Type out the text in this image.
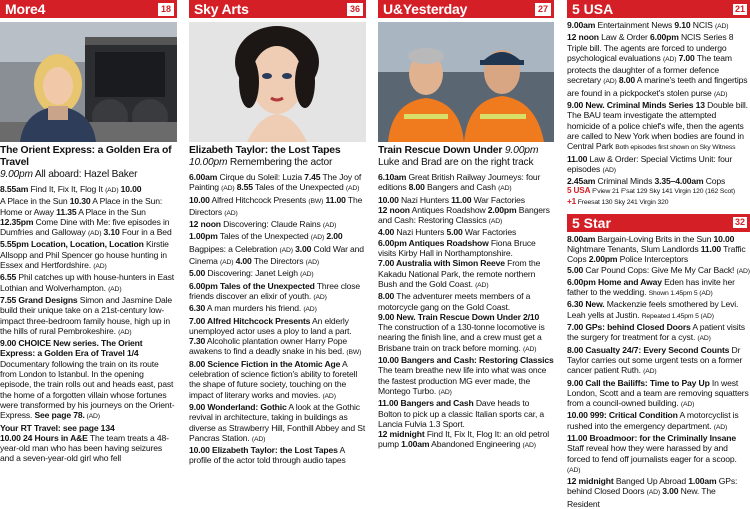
More4	18
The Orient Express: a Golden Era of Travel
9.00pm All aboard: Hazel Baker

8.55am Find It, Fix It, Flog It (AD) 10.00

A Place in the Sun 10.30 A Place in the Sun: Home or Away 11.35 A Place in the Sun

12.35pm Come Dine with Me: five episodes in Dumfries and Galloway (AD) 3.10 Four in a Bed

5.55pm Location, Location, Location Kirstie Allsopp and Phil Spencer go house hunting in Essex and Hertfordshire. (AD)

6.55 Phil catches up with house-hunters in East Lothian and Wolverhampton. (AD)

7.55 Grand Designs Simon and Jasmine Dale build their unique take on a 21st-century low-impact three-bedroom family house, high up in the hills of rural Pembrokeshire. (AD)

9.00 CHOICE New series. The Orient Express: a Golden Era of Travel 1/4 Documentary following the train on its route from London to Istanbul. In the opening episode, the train rolls out and heads east, past the home of a forgotten villain whose fortunes were transformed by his journeys on the Orient-Express. See page 78. (AD)

Your RT Travel: see page 134

10.00 24 Hours in A&E The team treats a 48-year-old man who has been having seizures and a seven-year-old girl who fell

Sky Arts	36
Elizabeth Taylor: the Lost Tapes
10.00pm Remembering the actor

6.00am Cirque du Soleil: Luzia 7.45 The Joy of Painting (AD) 8.55 Tales of the Unexpected (AD) 10.00 Alfred Hitchcock Presents (BW) 11.00 The Directors (AD)

12 noon Discovering: Claude Rains (AD)

1.00pm Tales of the Unexpected (AD) 2.00 Bagpipes: a Celebration (AD) 3.00 Cold War and Cinema (AD) 4.00 The Directors (AD)

5.00 Discovering: Janet Leigh (AD)

6.00pm Tales of the Unexpected Three close friends discover an elixir of youth. (AD)

6.30 A man murders his friend. (AD)

7.00 Alfred Hitchcock Presents An elderly unemployed actor uses a ploy to land a part. 7.30 Alcoholic plantation owner Harry Pope awakens to find a deadly snake in his bed. (BW)

8.00 Science Fiction in the Atomic Age A celebration of science fiction's ability to foretell the shape of future society, touching on the impact of literary works and movies. (AD)

9.00 Wonderland: Gothic A look at the Gothic revival in architecture, taking in buildings as diverse as Strawberry Hill, Fonthill Abbey and St Pancras Station. (AD)

10.00 Elizabeth Taylor: the Lost Tapes A profile of the actor told through audio tapes

U&Yesterday	27
Train Rescue Down Under 9.00pm
Luke and Brad are on the right track

6.10am Great British Railway Journeys: four editions 8.00 Bangers and Cash (AD)

10.00 Nazi Hunters 11.00 War Factories

12 noon Antiques Roadshow 2.00pm Bangers and Cash: Restoring Classics (AD)

4.00 Nazi Hunters 5.00 War Factories

6.00pm Antiques Roadshow Fiona Bruce visits Kirby Hall in Northamptonshire.

7.00 Australia with Simon Reeve From the Kakadu National Park, the remote northern Bush and the Gold Coast. (AD)

8.00 The adventurer meets members of a motorcycle gang on the Gold Coast.

9.00 New. Train Rescue Down Under 2/10 The construction of a 130-tonne locomotive is nearing the finish line, and a crew must get a Brisbane train on track before morning. (AD)

10.00 Bangers and Cash: Restoring Classics The team breathe new life into what was once the fastest production MG ever made, the Montego Turbo. (AD)

11.00 Bangers and Cash Dave heads to Bolton to pick up a classic Italian sports car, a Lancia Fulvia 1.3 Sport.

12 midnight Find It, Fix It, Flog It: an old petrol pump 1.00am Abandoned Engineering (AD)

5 USA	21

9.00am Entertainment News 9.10 NCIS (AD)

12 noon Law & Order 6.00pm NCIS Series 8 Triple bill. The agents are forced to undergo psychological evaluations (AD) 7.00 The team protects the daughter of a former defence secretary (AD) 8.00 A marine's teeth and fingertips are found in a pickpocket's stolen purse (AD)

9.00 New. Criminal Minds Series 13 Double bill. The BAU team investigate the attempted homicide of a police chief's wife, then the agents are called to New York when bodies are found in Central Park Both episodes first shown on Sky Witness 11.00 Law & Order: Special Victims Unit: four episodes (AD)

2.45am Criminal Minds 3.35–4.00am Cops

5 USA F'view 21 F'sat 129 Sky 141 Virgin 120 (162 Scot)

+1 Freesat 130 Sky 241 Virgin 320

5 Star	32

8.00am Bargain-Loving Brits in the Sun 10.00 Nightmare Tenants, Slum Landlords 11.00 Traffic Cops 2.00pm Police Interceptors

5.00 Car Pound Cops: Give Me My Car Back! (AD)

6.00pm Home and Away Eden has invite her father to the wedding. Shown 1.45pm 5 (AD)

6.30 New. Mackenzie feels smothered by Levi. Leah yells at Justin. Repeated 1.45pm 5 (AD)

7.00 GPs: behind Closed Doors A patient visits the surgery for treatment for a cyst. (AD)

8.00 Casualty 24/7: Every Second Counts Dr Taylor carries out some urgent tests on a former cancer patient Ruth. (AD)

9.00 Call the Bailiffs: Time to Pay Up In west London, Scott and a team are removing squatters from a council-owned building. (AD)

10.00 999: Critical Condition A motorcyclist is rushed into the emergency department. (AD)

11.00 Broadmoor: for the Criminally Insane Staff reveal how they were harassed by and forced to fend off journalists eager for a scoop. (AD)

12 midnight Banged Up Abroad 1.00am GPs: behind Closed Doors (AD) 3.00 New. The Resident
